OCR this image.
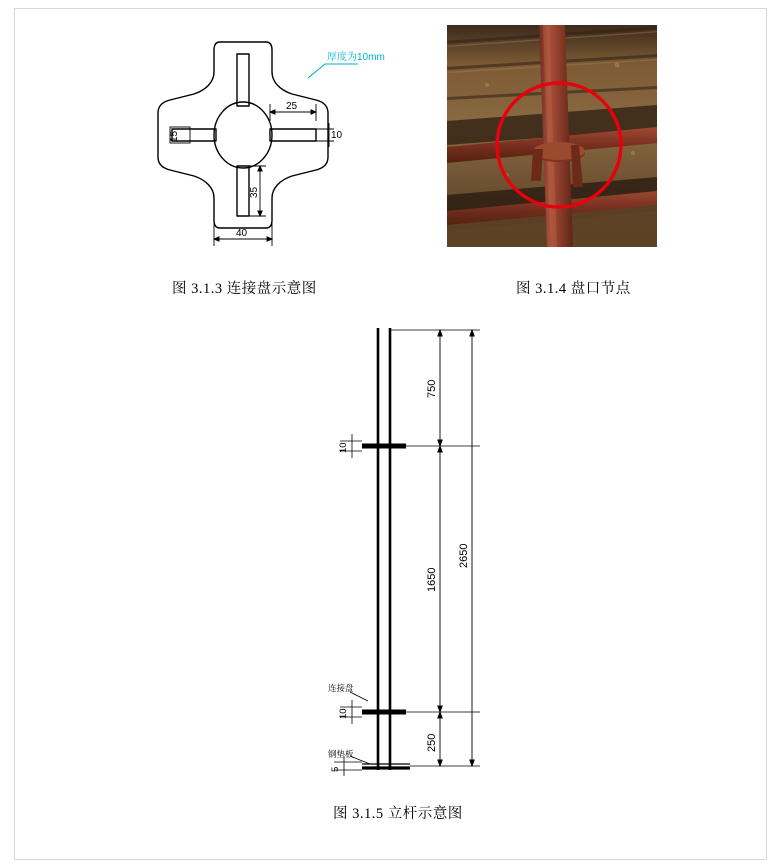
厚度为10mm
25
10
15
35
40
图 3.1.3 连接盘示意图	图 3.1.4 盘口节点
图 3.1.5 立杆示意图
750
1650
250
2650
10
10
5
连接盘
钢垫板
